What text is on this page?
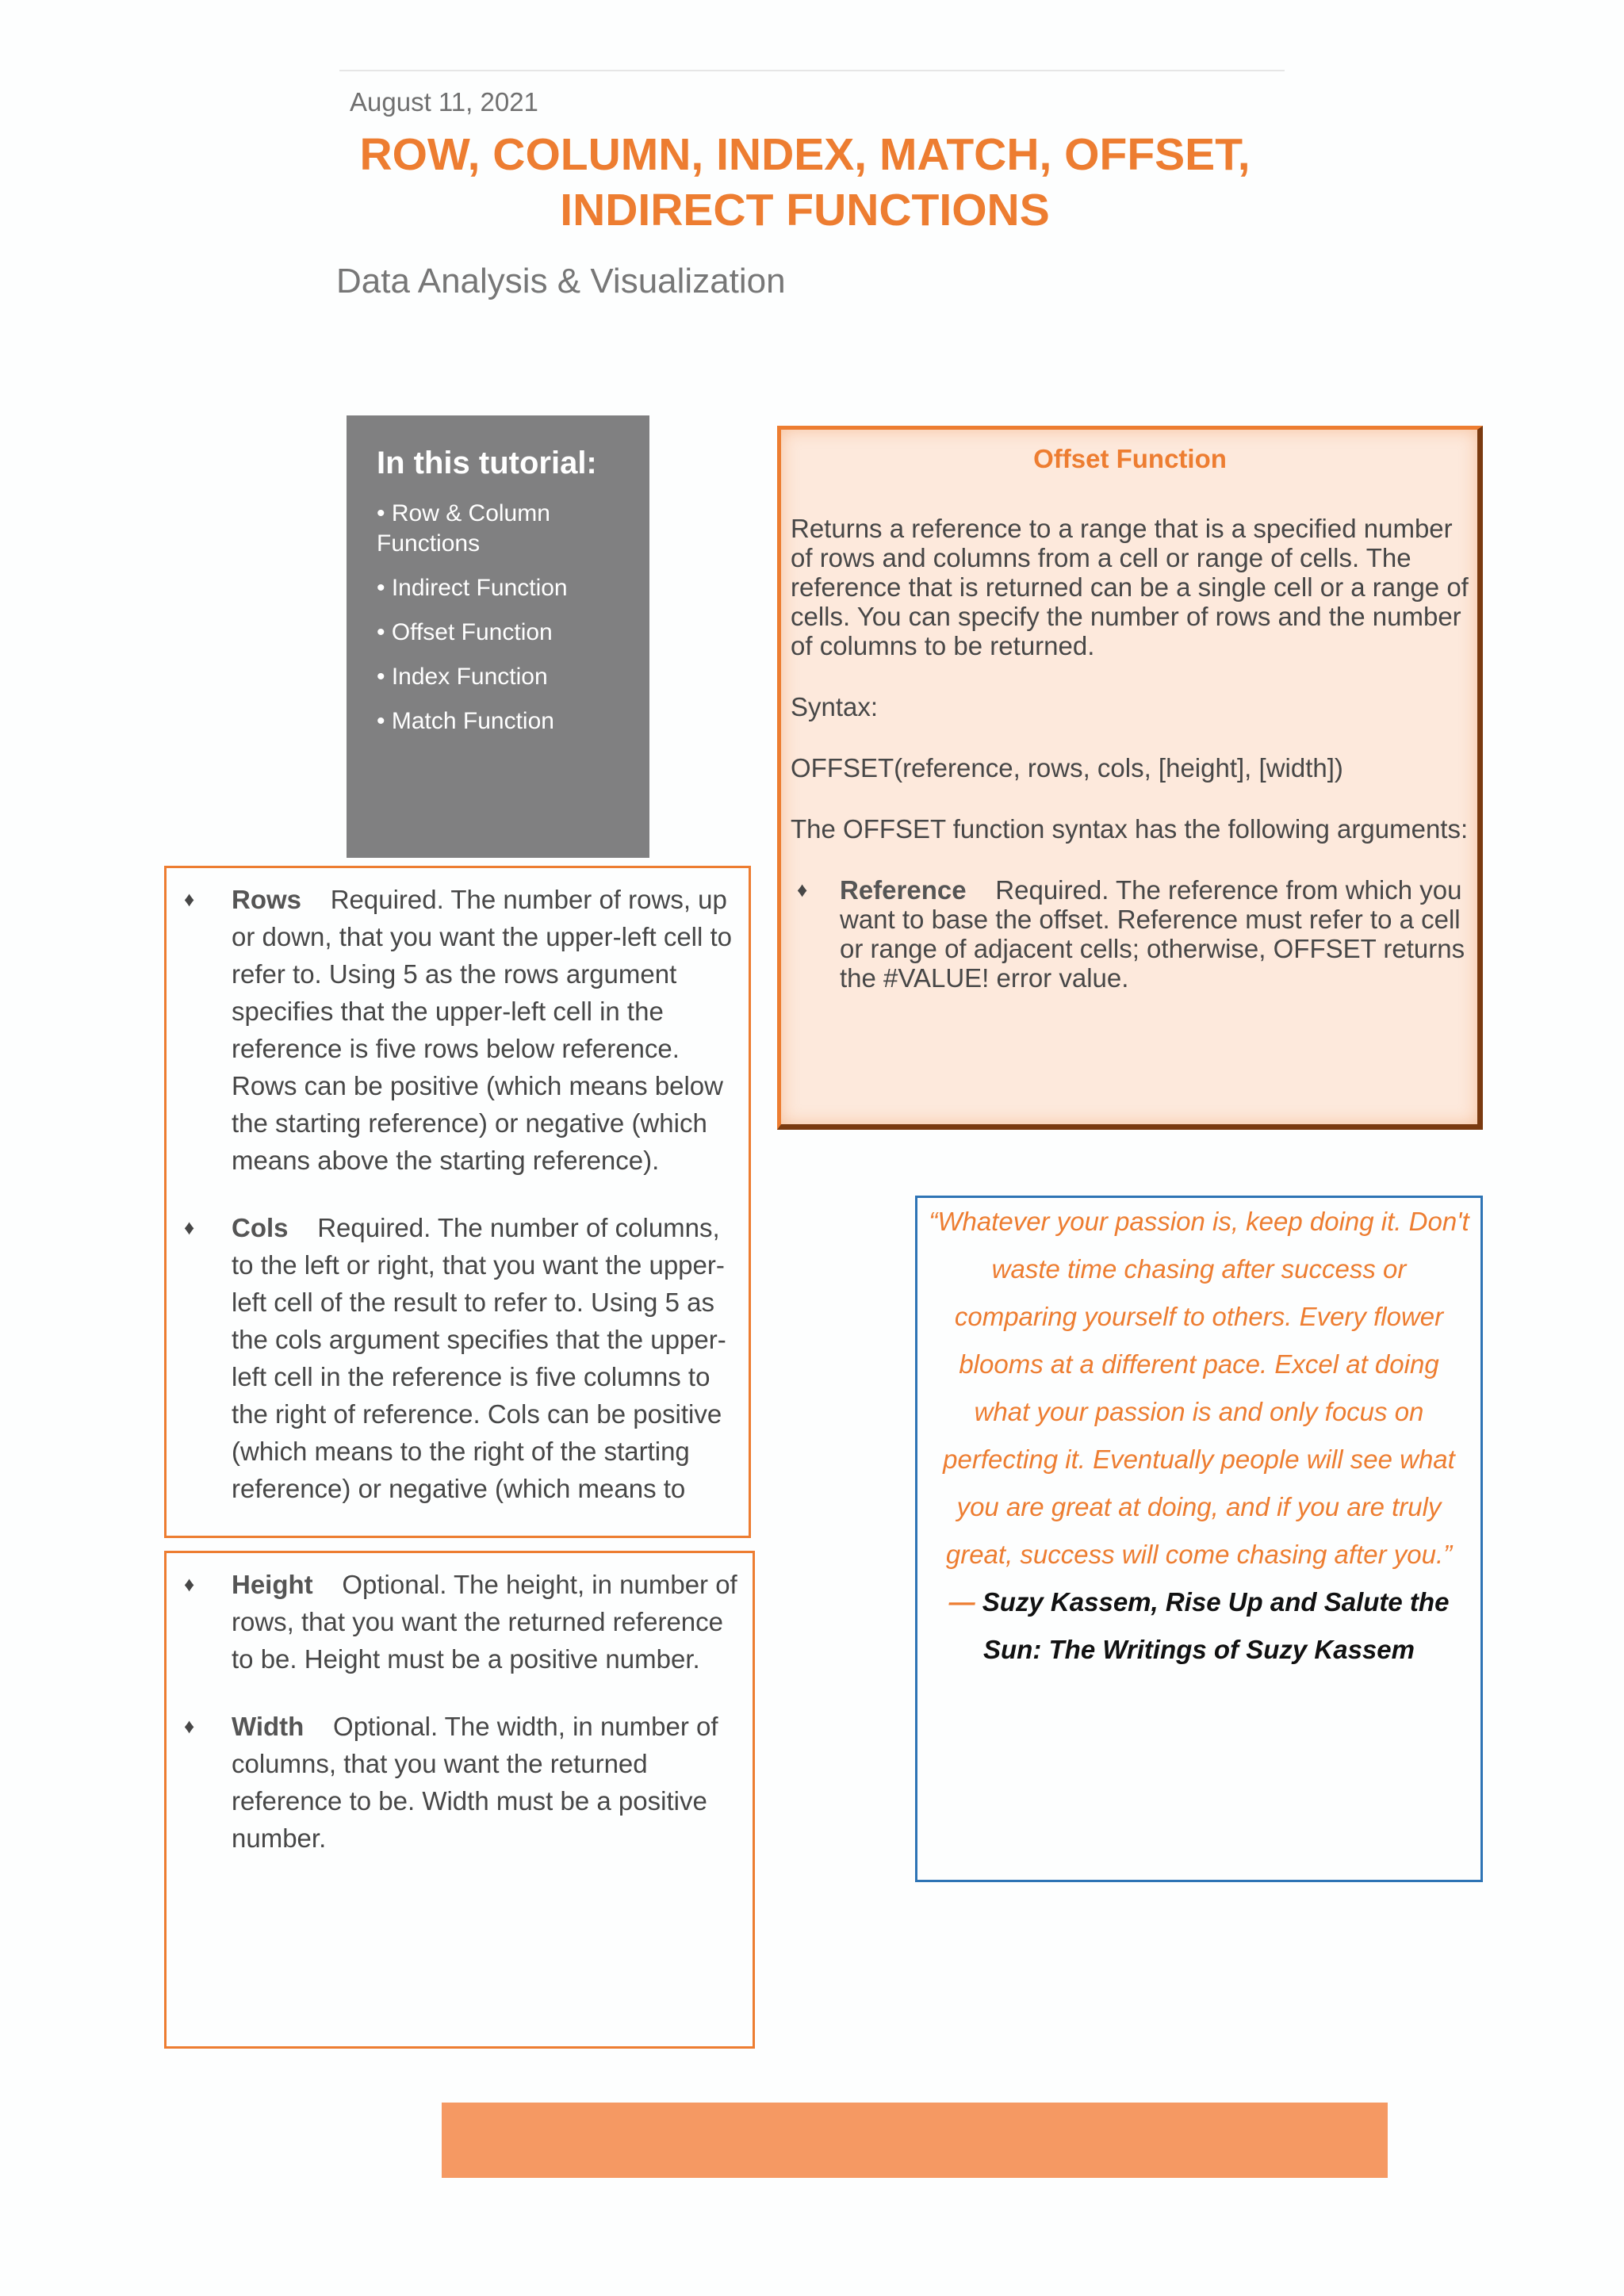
August 11, 2021
ROW, COLUMN, INDEX, MATCH, OFFSET,
INDIRECT FUNCTIONS
Data Analysis & Visualization
In this tutorial:
• Row & Column Functions
• Indirect Function
• Offset Function
• Index Function
• Match Function
♦ Rows Required. The number of rows, up or down, that you want the upper-left cell to refer to. Using 5 as the rows argument specifies that the upper-left cell in the reference is five rows below reference. Rows can be positive (which means below the starting reference) or negative (which means above the starting reference).
♦ Cols Required. The number of columns, to the left or right, that you want the upper-left cell of the result to refer to. Using 5 as the cols argument specifies that the upper-left cell in the reference is five columns to the right of reference. Cols can be positive (which means to the right of the starting reference) or negative (which means to
♦ Height Optional. The height, in number of rows, that you want the returned reference to be. Height must be a positive number.
♦ Width Optional. The width, in number of columns, that you want the returned reference to be. Width must be a positive number.
Offset Function

Returns a reference to a range that is a specified number of rows and columns from a cell or range of cells. The reference that is returned can be a single cell or a range of cells. You can specify the number of rows and the number of columns to be returned.

Syntax:

OFFSET(reference, rows, cols, [height], [width])

The OFFSET function syntax has the following arguments:

♦ Reference Required. The reference from which you want to base the offset. Reference must refer to a cell or range of adjacent cells; otherwise, OFFSET returns the #VALUE! error value.

“Whatever your passion is, keep doing it. Don't waste time chasing after success or comparing yourself to others. Every flower blooms at a different pace. Excel at doing what your passion is and only focus on perfecting it. Eventually people will see what you are great at doing, and if you are truly great, success will come chasing after you.”

― Suzy Kassem, Rise Up and Salute the Sun: The Writings of Suzy Kassem
